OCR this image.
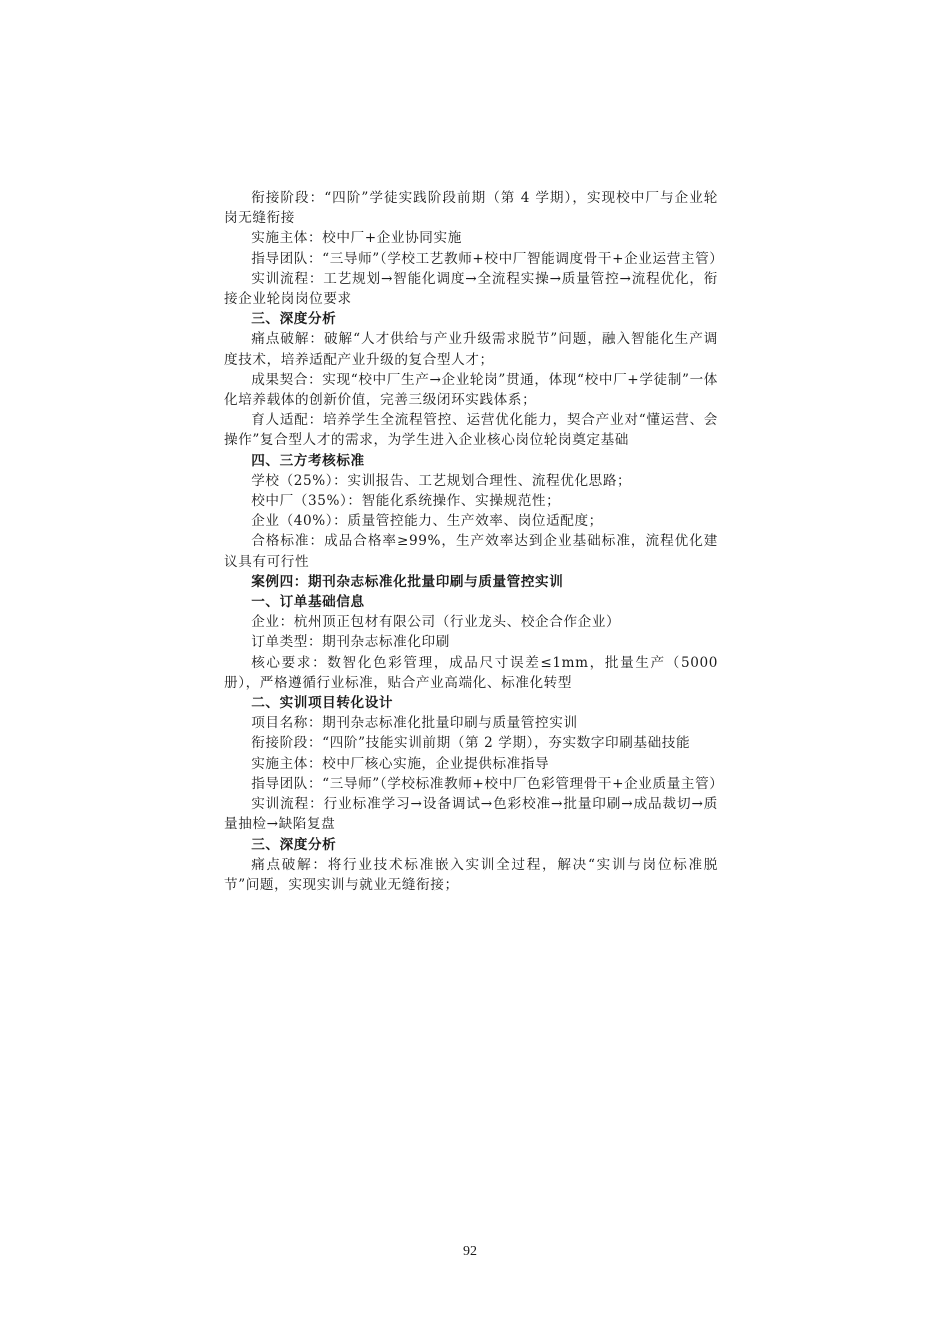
衔接阶段：“四阶”学徒实践阶段前期（第 4 学期），实现校中厂与企业轮岗无缝衔接

实施主体：校中厂+企业协同实施

指导团队：“三导师”（学校工艺教师+校中厂智能调度骨干+企业运营主管）

实训流程：工艺规划→智能化调度→全流程实操→质量管控→流程优化，衔接企业轮岗岗位要求

三、深度分析

痛点破解：破解“人才供给与产业升级需求脱节”问题，融入智能化生产调度技术，培养适配产业升级的复合型人才；

成果契合：实现“校中厂生产→企业轮岗”贯通，体现“校中厂+学徒制”一体化培养载体的创新价值，完善三级闭环实践体系；

育人适配：培养学生全流程管控、运营优化能力，契合产业对“懂运营、会操作”复合型人才的需求，为学生进入企业核心岗位轮岗奠定基础

四、三方考核标准

学校（25%）：实训报告、工艺规划合理性、流程优化思路；

校中厂（35%）：智能化系统操作、实操规范性；

企业（40%）：质量管控能力、生产效率、岗位适配度；

合格标准：成品合格率≥99%，生产效率达到企业基础标准，流程优化建议具有可行性

案例四：期刊杂志标准化批量印刷与质量管控实训

一、订单基础信息

企业：杭州顶正包材有限公司（行业龙头、校企合作企业）

订单类型：期刊杂志标准化印刷

核心要求：数智化色彩管理，成品尺寸误差≤1mm，批量生产（5000册），严格遵循行业标准，贴合产业高端化、标准化转型

二、实训项目转化设计

项目名称：期刊杂志标准化批量印刷与质量管控实训

衔接阶段：“四阶”技能实训前期（第 2 学期），夯实数字印刷基础技能

实施主体：校中厂核心实施，企业提供标准指导

指导团队：“三导师”（学校标准教师+校中厂色彩管理骨干+企业质量主管）

实训流程：行业标准学习→设备调试→色彩校准→批量印刷→成品裁切→质量抽检→缺陷复盘

三、深度分析

痛点破解：将行业技术标准嵌入实训全过程，解决“实训与岗位标准脱节”问题，实现实训与就业无缝衔接；

92
